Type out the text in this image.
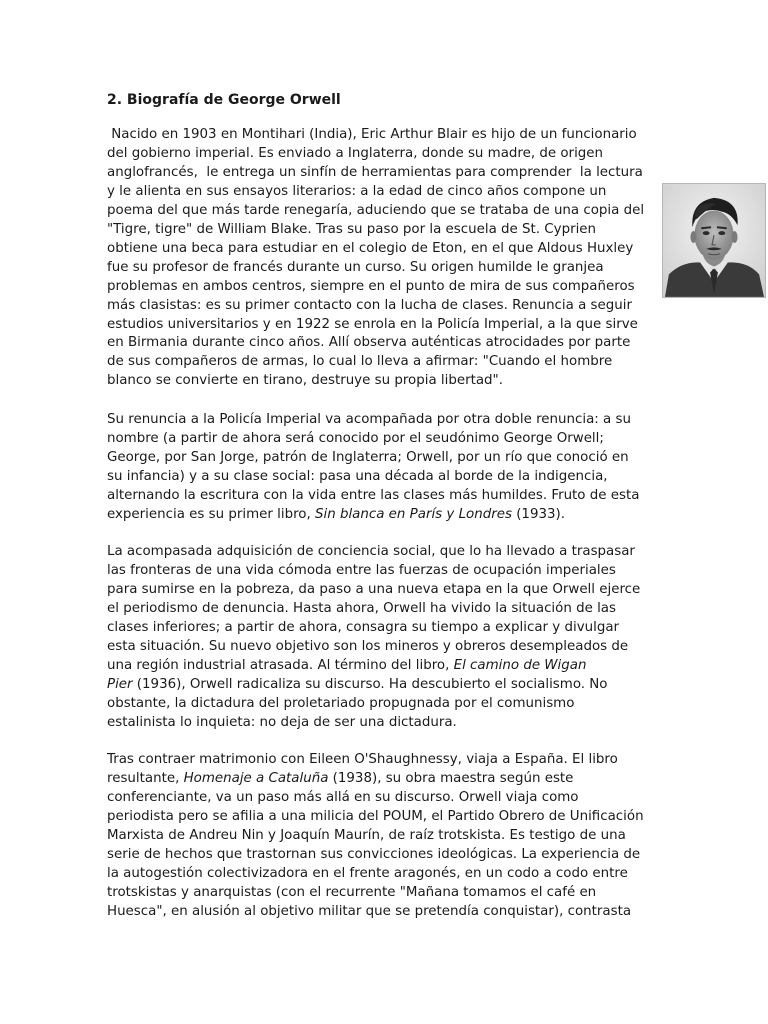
2. Biografía de George Orwell
Nacido en 1903 en Montihari (India), Eric Arthur Blair es hijo de un funcionario
del gobierno imperial. Es enviado a Inglaterra, donde su madre, de origen
anglofrancés,  le entrega un sinfín de herramientas para comprender  la lectura
y le alienta en sus ensayos literarios: a la edad de cinco años compone un
poema del que más tarde renegaría, aduciendo que se trataba de una copia del
"Tigre, tigre" de William Blake. Tras su paso por la escuela de St. Cyprien
obtiene una beca para estudiar en el colegio de Eton, en el que Aldous Huxley
fue su profesor de francés durante un curso. Su origen humilde le granjea
problemas en ambos centros, siempre en el punto de mira de sus compañeros
más clasistas: es su primer contacto con la lucha de clases. Renuncia a seguir
estudios universitarios y en 1922 se enrola en la Policía Imperial, a la que sirve
en Birmania durante cinco años. Allí observa auténticas atrocidades por parte
de sus compañeros de armas, lo cual lo lleva a afirmar: "Cuando el hombre
blanco se convierte en tirano, destruye su propia libertad".
Su renuncia a la Policía Imperial va acompañada por otra doble renuncia: a su
nombre (a partir de ahora será conocido por el seudónimo George Orwell;
George, por San Jorge, patrón de Inglaterra; Orwell, por un río que conoció en
su infancia) y a su clase social: pasa una década al borde de la indigencia,
alternando la escritura con la vida entre las clases más humildes. Fruto de esta
experiencia es su primer libro, Sin blanca en París y Londres (1933).
La acompasada adquisición de conciencia social, que lo ha llevado a traspasar
las fronteras de una vida cómoda entre las fuerzas de ocupación imperiales
para sumirse en la pobreza, da paso a una nueva etapa en la que Orwell ejerce
el periodismo de denuncia. Hasta ahora, Orwell ha vivido la situación de las
clases inferiores; a partir de ahora, consagra su tiempo a explicar y divulgar
esta situación. Su nuevo objetivo son los mineros y obreros desempleados de
una región industrial atrasada. Al término del libro, El camino de Wigan
Pier (1936), Orwell radicaliza su discurso. Ha descubierto el socialismo. No
obstante, la dictadura del proletariado propugnada por el comunismo
estalinista lo inquieta: no deja de ser una dictadura.
Tras contraer matrimonio con Eileen O'Shaughnessy, viaja a España. El libro
resultante, Homenaje a Cataluña (1938), su obra maestra según este
conferenciante, va un paso más allá en su discurso. Orwell viaja como
periodista pero se afilia a una milicia del POUM, el Partido Obrero de Unificación
Marxista de Andreu Nin y Joaquín Maurín, de raíz trotskista. Es testigo de una
serie de hechos que trastornan sus convicciones ideológicas. La experiencia de
la autogestión colectivizadora en el frente aragonés, en un codo a codo entre
trotskistas y anarquistas (con el recurrente "Mañana tomamos el café en
Huesca", en alusión al objetivo militar que se pretendía conquistar), contrasta
